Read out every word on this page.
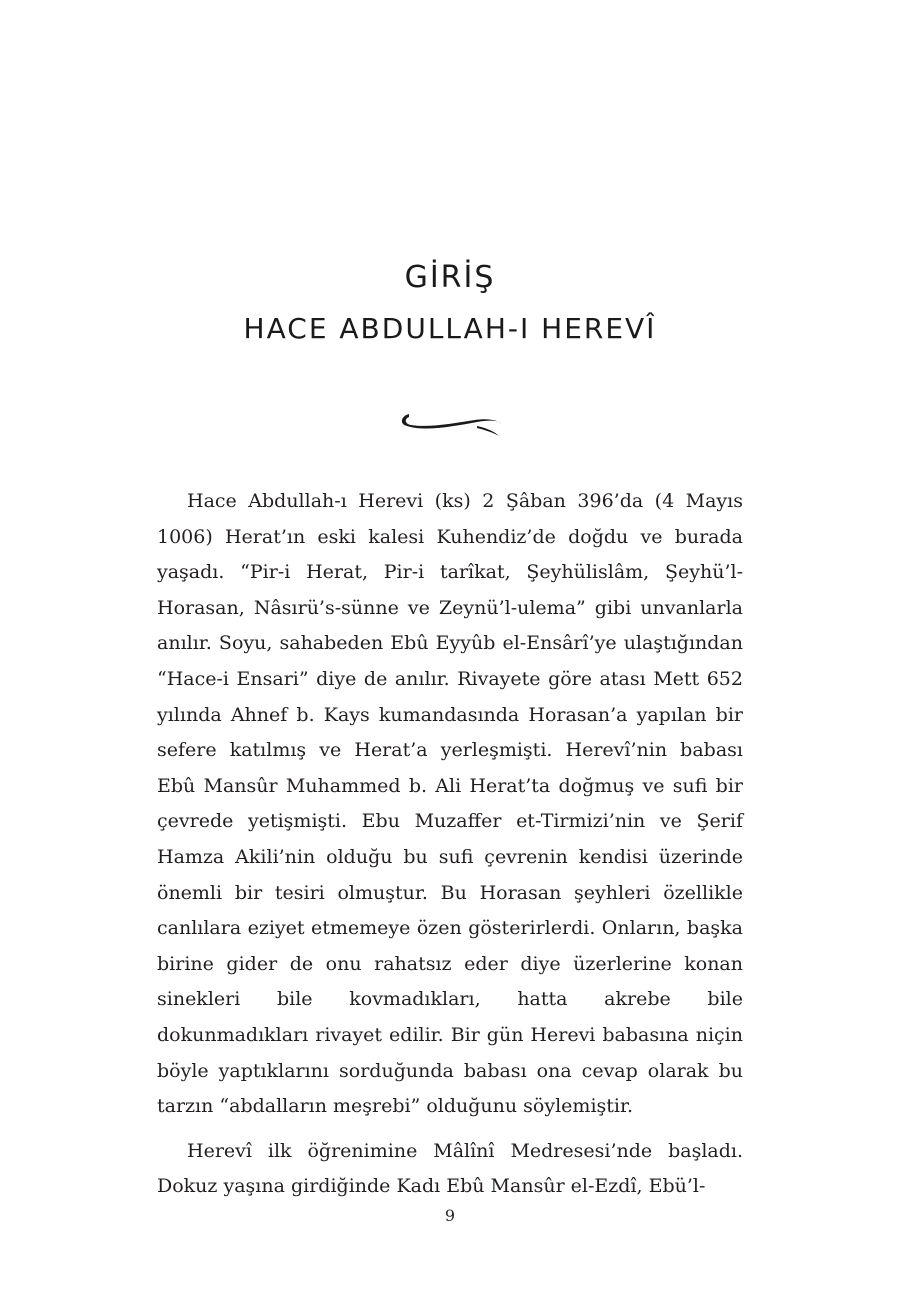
GİRİŞ
HACE ABDULLAH-I HEREVÎ

Hace Abdullah-ı Herevi (ks) 2 Şâban 396’da (4 Mayıs 1006) Herat’ın eski kalesi Kuhendiz’de doğdu ve burada yaşadı. “Pir-i Herat, Pir-i tarîkat, Şeyhülislâm, Şeyhü’l-Horasan, Nâsırü’s-sünne ve Zeynü’l-ulema” gibi unvanlarla anılır. Soyu, sahabeden Ebû Eyyûb el-Ensârî’ye ulaştığından “Hace-i Ensari” diye de anılır. Rivayete göre atası Mett 652 yılında Ahnef b. Kays kumandasında Horasan’a yapılan bir sefere katılmış ve Herat’a yerleşmişti. Herevî’nin babası Ebû Mansûr Muhammed b. Ali Herat’ta doğmuş ve sufi bir çevrede yetişmişti. Ebu Muzaffer et-Tirmizi’nin ve Şerif Hamza Akili’nin olduğu bu sufi çevrenin kendisi üzerinde önemli bir tesiri olmuştur. Bu Horasan şeyhleri özellikle canlılara eziyet etmemeye özen gösterirlerdi. Onların, başka birine gider de onu rahatsız eder diye üzerlerine konan sinekleri bile kovmadıkları, hatta akrebe bile dokunmadıkları rivayet edilir. Bir gün Herevi babasına niçin böyle yaptıklarını sorduğunda babası ona cevap olarak bu tarzın “abdalların meşrebi” olduğunu söylemiştir.

Herevî ilk öğrenimine Mâlînî Medresesi’nde başladı. Dokuz yaşına girdiğinde Kadı Ebû Mansûr el-Ezdî, Ebü’l-

9
